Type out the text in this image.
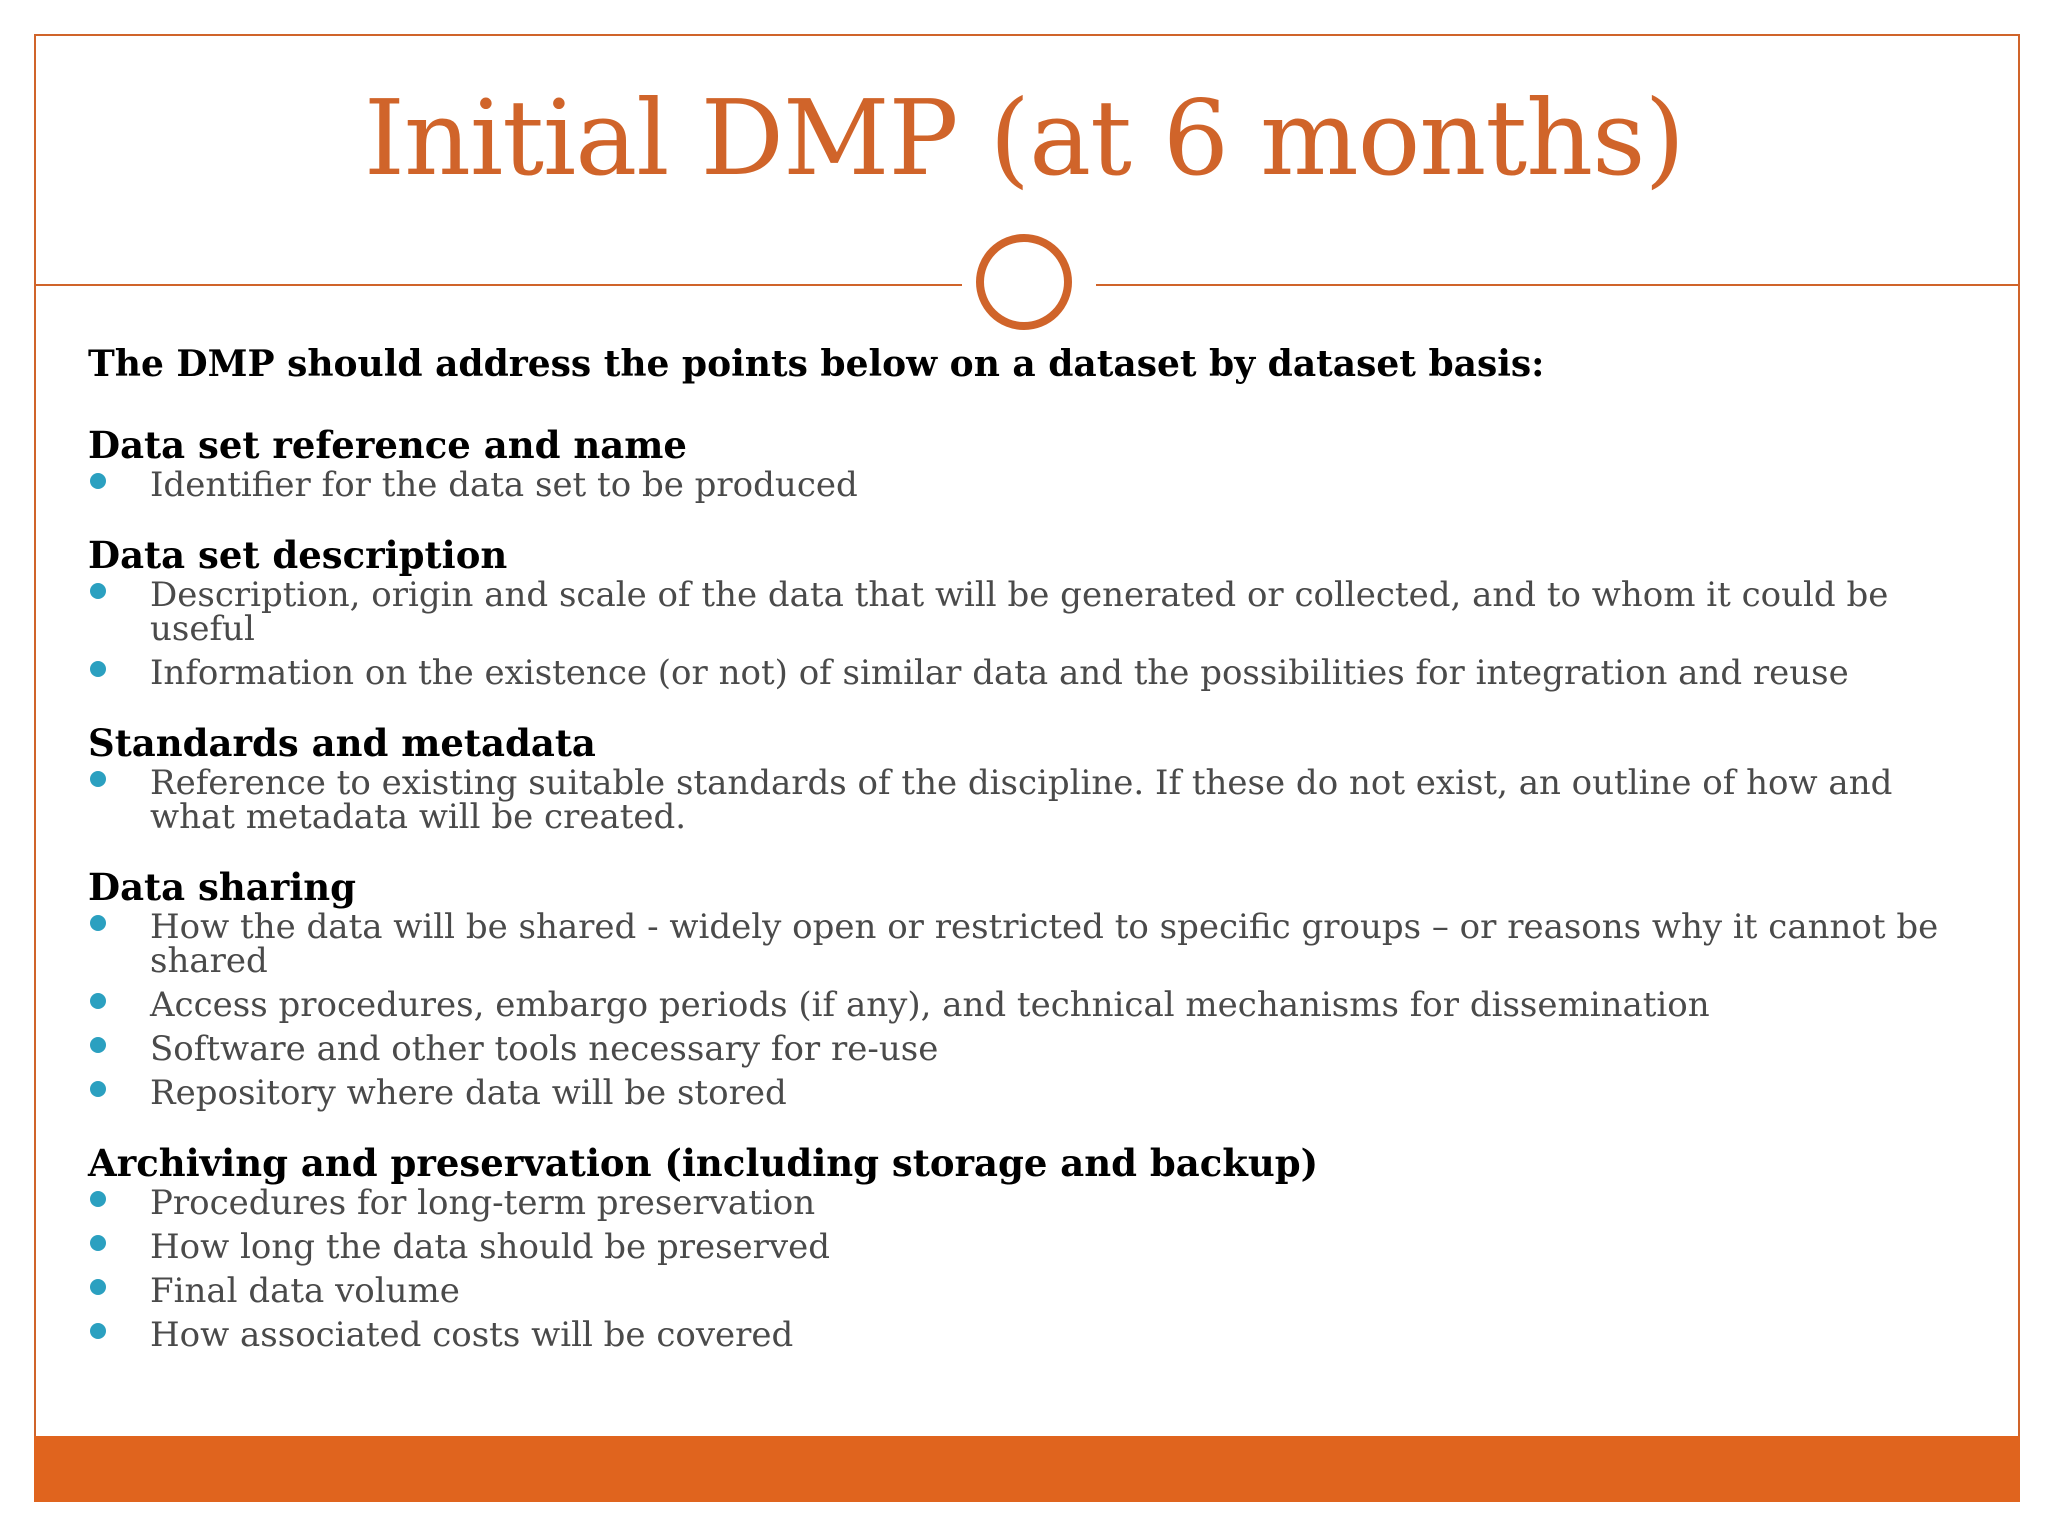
Initial DMP (at 6 months)
The DMP should address the points below on a dataset by dataset basis:
Data set reference and name
Identifier for the data set to be produced
Data set description
Description, origin and scale of the data that will be generated or collected, and to whom it could be useful
Information on the existence (or not) of similar data and the possibilities for integration and reuse
Standards and metadata
Reference to existing suitable standards of the discipline. If these do not exist, an outline of how and what metadata will be created.
Data sharing
How the data will be shared - widely open or restricted to specific groups – or reasons why it cannot be shared
Access procedures, embargo periods (if any), and technical mechanisms for dissemination
Software and other tools necessary for re-use
Repository where data will be stored
Archiving and preservation (including storage and backup)
Procedures for long-term preservation
How long the data should be preserved
Final data volume
How associated costs will be covered
